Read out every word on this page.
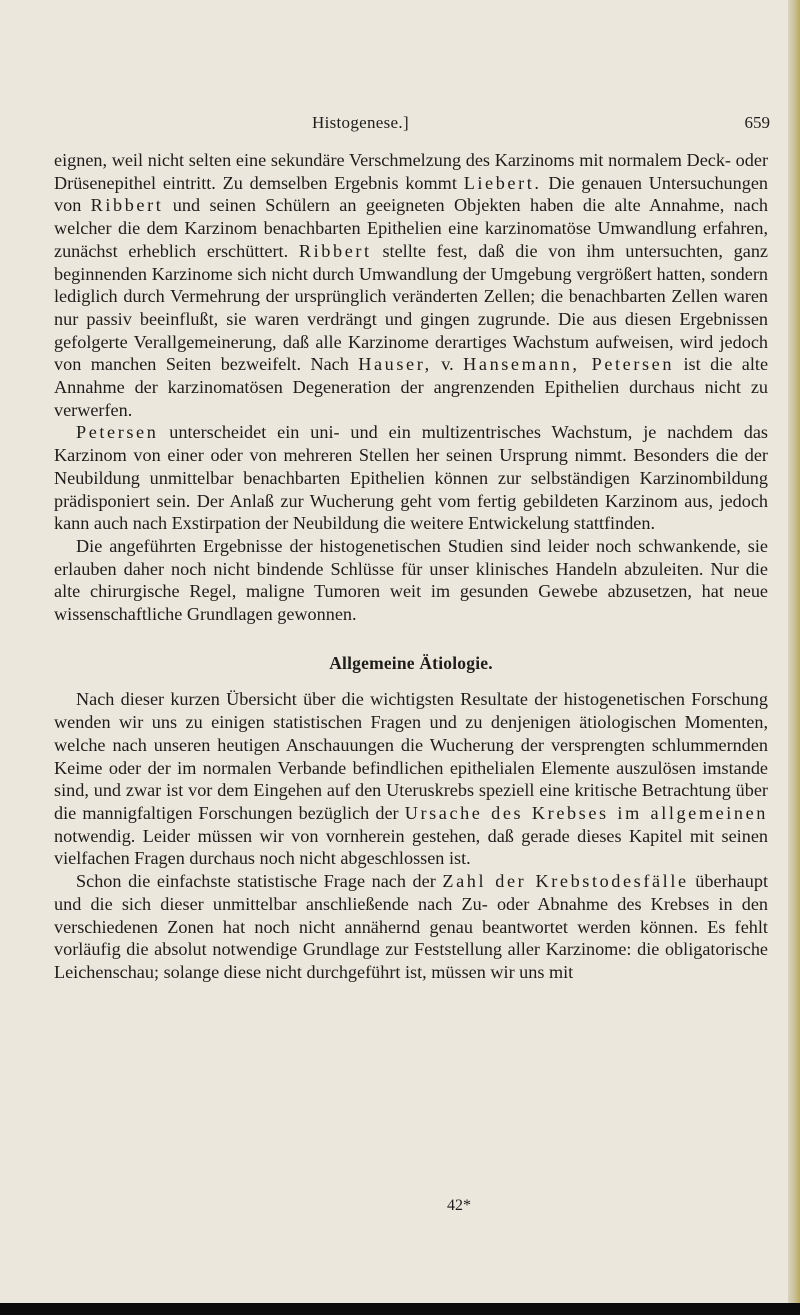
Histogenese.]	659

eignen, weil nicht selten eine sekundäre Verschmelzung des Karzinoms mit normalem Deck- oder Drüsenepithel eintritt. Zu demselben Ergebnis kommt Liebert. Die genauen Untersuchungen von Ribbert und seinen Schülern an geeigneten Objekten haben die alte Annahme, nach welcher die dem Karzinom benachbarten Epithelien eine karzinomatöse Umwandlung erfahren, zunächst erheblich erschüttert. Ribbert stellte fest, daß die von ihm untersuchten, ganz beginnenden Karzinome sich nicht durch Umwandlung der Umgebung vergrößert hatten, sondern lediglich durch Vermehrung der ursprünglich veränderten Zellen; die benachbarten Zellen waren nur passiv beeinflußt, sie waren verdrängt und gingen zugrunde. Die aus diesen Ergebnissen gefolgerte Verallgemeinerung, daß alle Karzinome derartiges Wachstum aufweisen, wird jedoch von manchen Seiten bezweifelt. Nach Hauser, v. Hansemann, Petersen ist die alte Annahme der karzinomatösen Degeneration der angrenzenden Epithelien durchaus nicht zu verwerfen.

Petersen unterscheidet ein uni- und ein multizentrisches Wachstum, je nachdem das Karzinom von einer oder von mehreren Stellen her seinen Ursprung nimmt. Besonders die der Neubildung unmittelbar benachbarten Epithelien können zur selbständigen Karzinombildung prädisponiert sein. Der Anlaß zur Wucherung geht vom fertig gebildeten Karzinom aus, jedoch kann auch nach Exstirpation der Neubildung die weitere Entwickelung stattfinden.

Die angeführten Ergebnisse der histogenetischen Studien sind leider noch schwankende, sie erlauben daher noch nicht bindende Schlüsse für unser klinisches Handeln abzuleiten. Nur die alte chirurgische Regel, maligne Tumoren weit im gesunden Gewebe abzusetzen, hat neue wissenschaftliche Grundlagen gewonnen.

Allgemeine Ätiologie.

Nach dieser kurzen Übersicht über die wichtigsten Resultate der histogenetischen Forschung wenden wir uns zu einigen statistischen Fragen und zu denjenigen ätiologischen Momenten, welche nach unseren heutigen Anschauungen die Wucherung der versprengten schlummernden Keime oder der im normalen Verbande befindlichen epithelialen Elemente auszulösen imstande sind, und zwar ist vor dem Eingehen auf den Uteruskrebs speziell eine kritische Betrachtung über die mannigfaltigen Forschungen bezüglich der Ursache des Krebses im allgemeinen notwendig. Leider müssen wir von vornherein gestehen, daß gerade dieses Kapitel mit seinen vielfachen Fragen durchaus noch nicht abgeschlossen ist.

Schon die einfachste statistische Frage nach der Zahl der Krebstodesfälle überhaupt und die sich dieser unmittelbar anschließende nach Zu- oder Abnahme des Krebses in den verschiedenen Zonen hat noch nicht annähernd genau beantwortet werden können. Es fehlt vorläufig die absolut notwendige Grundlage zur Feststellung aller Karzinome: die obligatorische Leichenschau; solange diese nicht durchgeführt ist, müssen wir uns mit

42*
